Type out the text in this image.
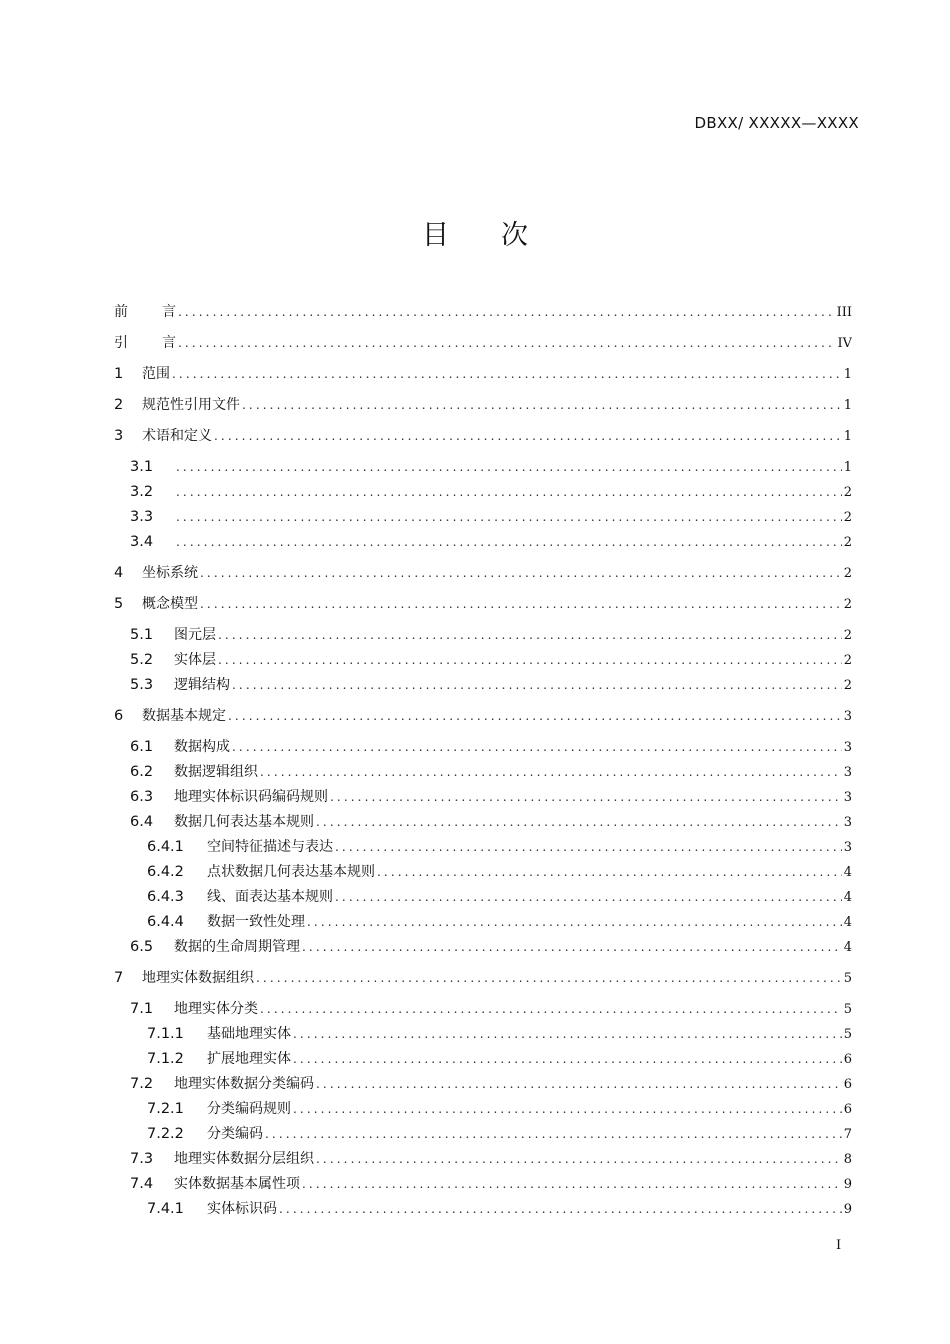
DBXX/ XXXXX—XXXX
目 次
前 言 .....	III
引 言 .....	IV
1	范围 .....	1
2	规范性引用文件 .....	1
3	术语和定义 .....	1
3.1 .....	1
3.2 .....	2
3.3 .....	2
3.4 .....	2
4	坐标系统 .....	2
5	概念模型 .....	2
5.1	图元层 .....	2
5.2	实体层 .....	2
5.3	逻辑结构 .....	2
6	数据基本规定 .....	3
6.1	数据构成 .....	3
6.2	数据逻辑组织 .....	3
6.3	地理实体标识码编码规则 .....	3
6.4	数据几何表达基本规则 .....	3
6.4.1	空间特征描述与表达 .....	3
6.4.2	点状数据几何表达基本规则 .....	4
6.4.3	线、面表达基本规则 .....	4
6.4.4	数据一致性处理 .....	4
6.5	数据的生命周期管理 .....	4
7	地理实体数据组织 .....	5
7.1	地理实体分类 .....	5
7.1.1	基础地理实体 .....	5
7.1.2	扩展地理实体 .....	6
7.2	地理实体数据分类编码 .....	6
7.2.1	分类编码规则 .....	6
7.2.2	分类编码 .....	7
7.3	地理实体数据分层组织 .....	8
7.4	实体数据基本属性项 .....	9
7.4.1	实体标识码 .....	9
I
